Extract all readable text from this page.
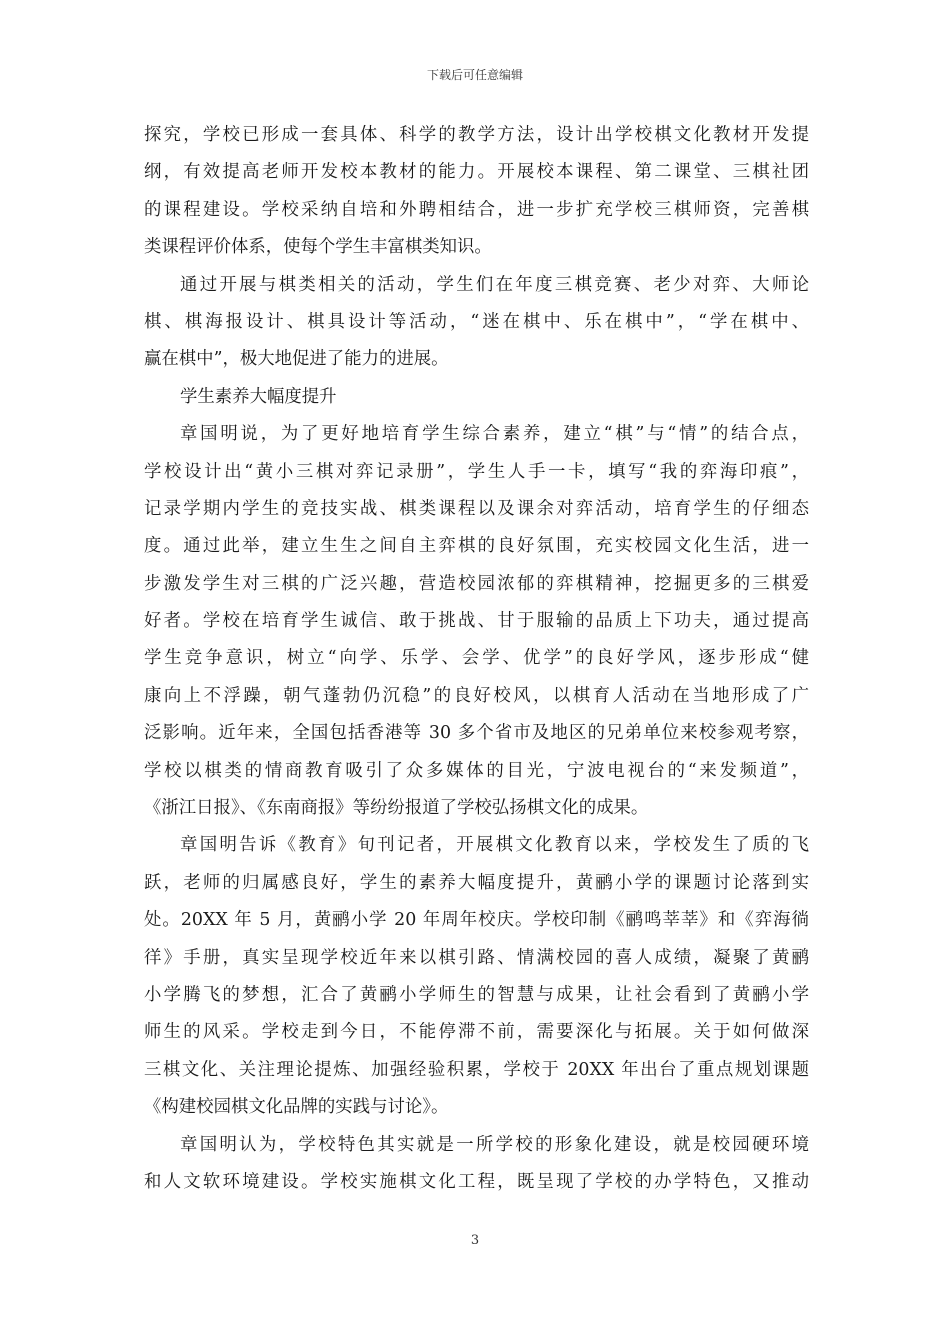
下载后可任意编辑
探究，学校已形成一套具体、科学的教学方法，设计出学校棋文化教材开发提
纲，有效提高老师开发校本教材的能力。开展校本课程、第二课堂、三棋社团
的课程建设。学校采纳自培和外聘相结合，进一步扩充学校三棋师资，完善棋
类课程评价体系，使每个学生丰富棋类知识。
通过开展与棋类相关的活动，学生们在年度三棋竞赛、老少对弈、大师论
棋、棋海报设计、棋具设计等活动，“迷在棋中、乐在棋中”，“学在棋中、
赢在棋中”，极大地促进了能力的进展。
学生素养大幅度提升
章国明说，为了更好地培育学生综合素养，建立“棋”与“情”的结合点，
学校设计出“黄小三棋对弈记录册”，学生人手一卡，填写“我的弈海印痕”，
记录学期内学生的竞技实战、棋类课程以及课余对弈活动，培育学生的仔细态
度。通过此举，建立生生之间自主弈棋的良好氛围，充实校园文化生活，进一
步激发学生对三棋的广泛兴趣，营造校园浓郁的弈棋精神，挖掘更多的三棋爱
好者。学校在培育学生诚信、敢于挑战、甘于服输的品质上下功夫，通过提高
学生竞争意识，树立“向学、乐学、会学、优学”的良好学风，逐步形成“健
康向上不浮躁，朝气蓬勃仍沉稳”的良好校风，以棋育人活动在当地形成了广
泛影响。近年来，全国包括香港等 30 多个省市及地区的兄弟单位来校参观考察，
学校以棋类的情商教育吸引了众多媒体的目光，宁波电视台的“来发频道”，
《浙江日报》、《东南商报》等纷纷报道了学校弘扬棋文化的成果。
章国明告诉《教育》旬刊记者，开展棋文化教育以来，学校发生了质的飞
跃，老师的归属感良好，学生的素养大幅度提升，黄鹂小学的课题讨论落到实
处。20XX 年 5 月，黄鹂小学 20 年周年校庆。学校印制《鹂鸣莘莘》和《弈海徜
徉》手册，真实呈现学校近年来以棋引路、情满校园的喜人成绩，凝聚了黄鹂
小学腾飞的梦想，汇合了黄鹂小学师生的智慧与成果，让社会看到了黄鹂小学
师生的风采。学校走到今日，不能停滞不前，需要深化与拓展。关于如何做深
三棋文化、关注理论提炼、加强经验积累，学校于 20XX 年出台了重点规划课题
《构建校园棋文化品牌的实践与讨论》。
章国明认为，学校特色其实就是一所学校的形象化建设，就是校园硬环境
和人文软环境建设。学校实施棋文化工程，既呈现了学校的办学特色，又推动
3
